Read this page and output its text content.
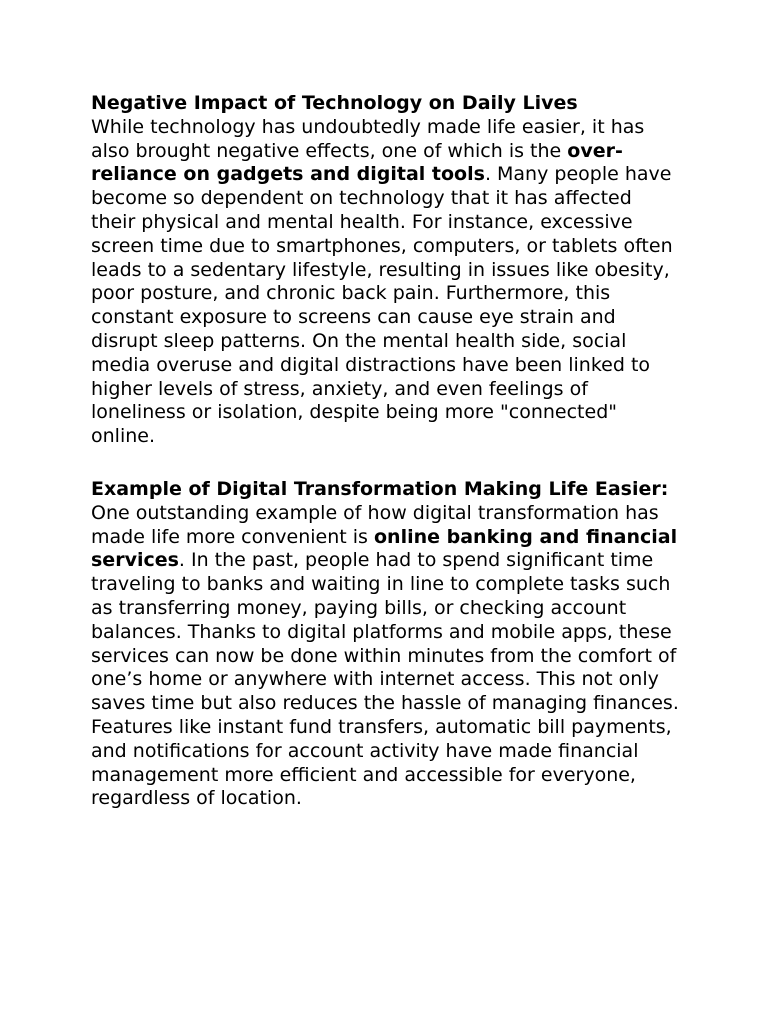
Negative Impact of Technology on Daily Lives
While technology has undoubtedly made life easier, it has also brought negative effects, one of which is the over-reliance on gadgets and digital tools. Many people have become so dependent on technology that it has affected their physical and mental health. For instance, excessive screen time due to smartphones, computers, or tablets often leads to a sedentary lifestyle, resulting in issues like obesity, poor posture, and chronic back pain. Furthermore, this constant exposure to screens can cause eye strain and disrupt sleep patterns. On the mental health side, social media overuse and digital distractions have been linked to higher levels of stress, anxiety, and even feelings of loneliness or isolation, despite being more "connected" online.
Example of Digital Transformation Making Life Easier:
One outstanding example of how digital transformation has made life more convenient is online banking and financial services. In the past, people had to spend significant time traveling to banks and waiting in line to complete tasks such as transferring money, paying bills, or checking account balances. Thanks to digital platforms and mobile apps, these services can now be done within minutes from the comfort of one’s home or anywhere with internet access. This not only saves time but also reduces the hassle of managing finances. Features like instant fund transfers, automatic bill payments, and notifications for account activity have made financial management more efficient and accessible for everyone, regardless of location.
